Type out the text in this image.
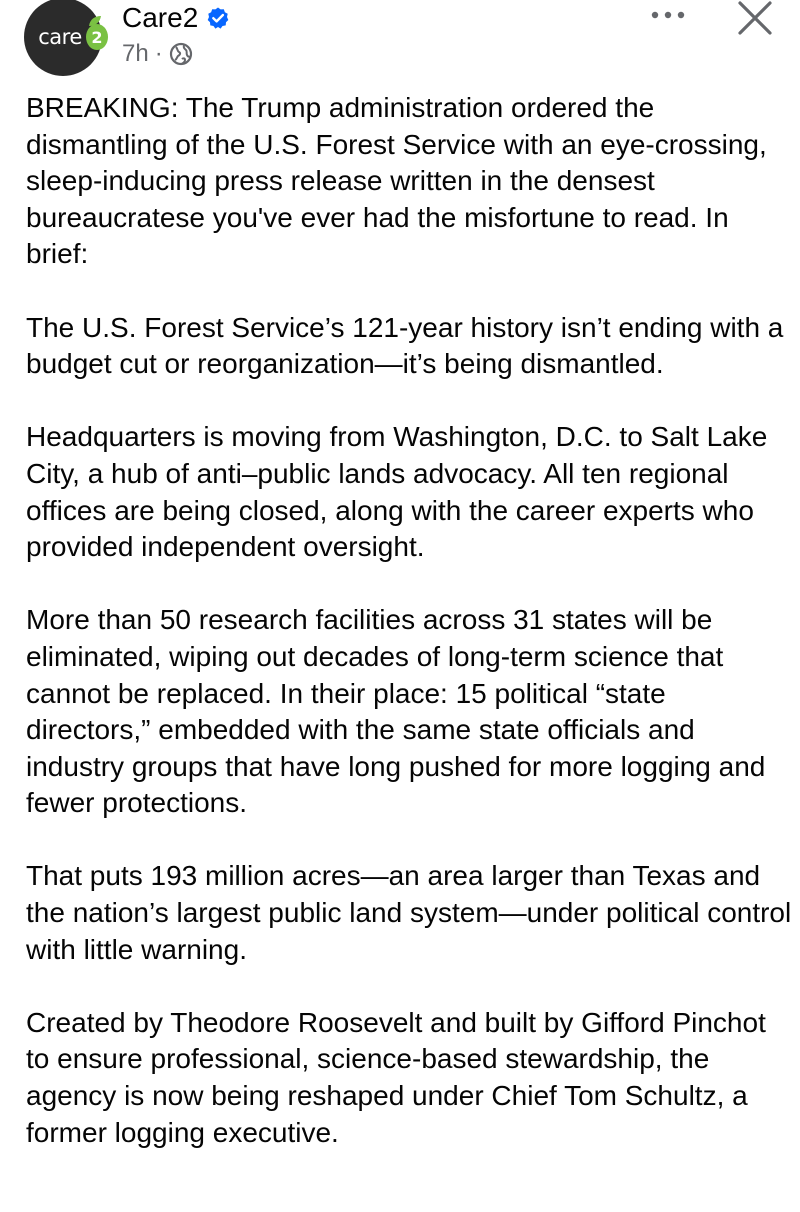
care 2
Care2
7h ·

BREAKING: The Trump administration ordered the dismantling of the U.S. Forest Service with an eye-crossing, sleep-inducing press release written in the densest bureaucratese you've ever had the misfortune to read. In brief:

The U.S. Forest Service’s 121-year history isn’t ending with a budget cut or reorganization—it’s being dismantled.

Headquarters is moving from Washington, D.C. to Salt Lake City, a hub of anti–public lands advocacy. All ten regional offices are being closed, along with the career experts who provided independent oversight.

More than 50 research facilities across 31 states will be eliminated, wiping out decades of long-term science that cannot be replaced. In their place: 15 political “state directors,” embedded with the same state officials and industry groups that have long pushed for more logging and fewer protections.

That puts 193 million acres—an area larger than Texas and the nation’s largest public land system—under political control with little warning.

Created by Theodore Roosevelt and built by Gifford Pinchot to ensure professional, science-based stewardship, the agency is now being reshaped under Chief Tom Schultz, a former logging executive.
